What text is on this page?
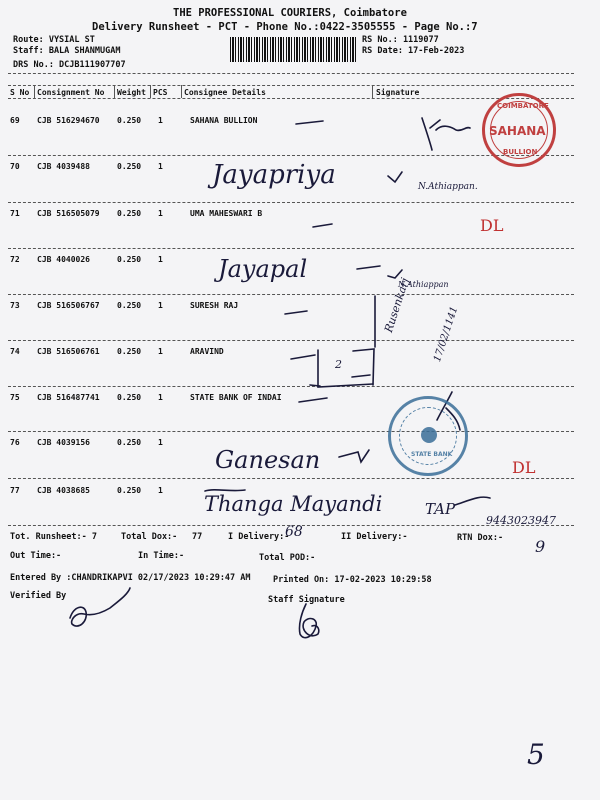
THE PROFESSIONAL COURIERS, Coimbatore
Delivery Runsheet - PCT - Phone No.:0422-3505555 - Page No.:7
Route: VYSIAL ST
Staff: BALA SHANMUGAM
DRS No.: DCJB111907707
RS No.: 1119077
RS Date: 17-Feb-2023
S No Consignment No Weight PCS Consignee Details	Signature
69 CJB 516294670 0.250 1	SAHANA BULLION
70 CJB 4039488	0.250 1
71 CJB 516505079 0.250 1	UMA MAHESWARI B
72 CJB 4040026	0.250 1
73 CJB 516506767 0.250 1	SURESH RAJ
74 CJB 516506761 0.250 1	ARAVIND
75 CJB 516487741 0.250 1	STATE BANK OF INDAI
76 CJB 4039156	0.250 1
77 CJB 4038685	0.250 1
Tot. Runsheet:- 7	Total Dox:- 77	I Delivery:-	II Delivery:-	RTN Dox:-
Out Time:-	In Time:-	Total POD:-
Entered By :CHANDRIKAPVI 02/17/2023 10:29:47 AM	Printed On: 17-02-2023 10:29:58
Verified By	Staff Signature
Jayapriya	N.Athiappan.
DL
Jayapal
N.Athiappan
Rusenkarj
17/02/1141
2
Ganesan	DL
Thanga Mayandi	TAP
9443023947
68
9
5
COIMBATORE
SAHANA
BULLION
STATE BANK
